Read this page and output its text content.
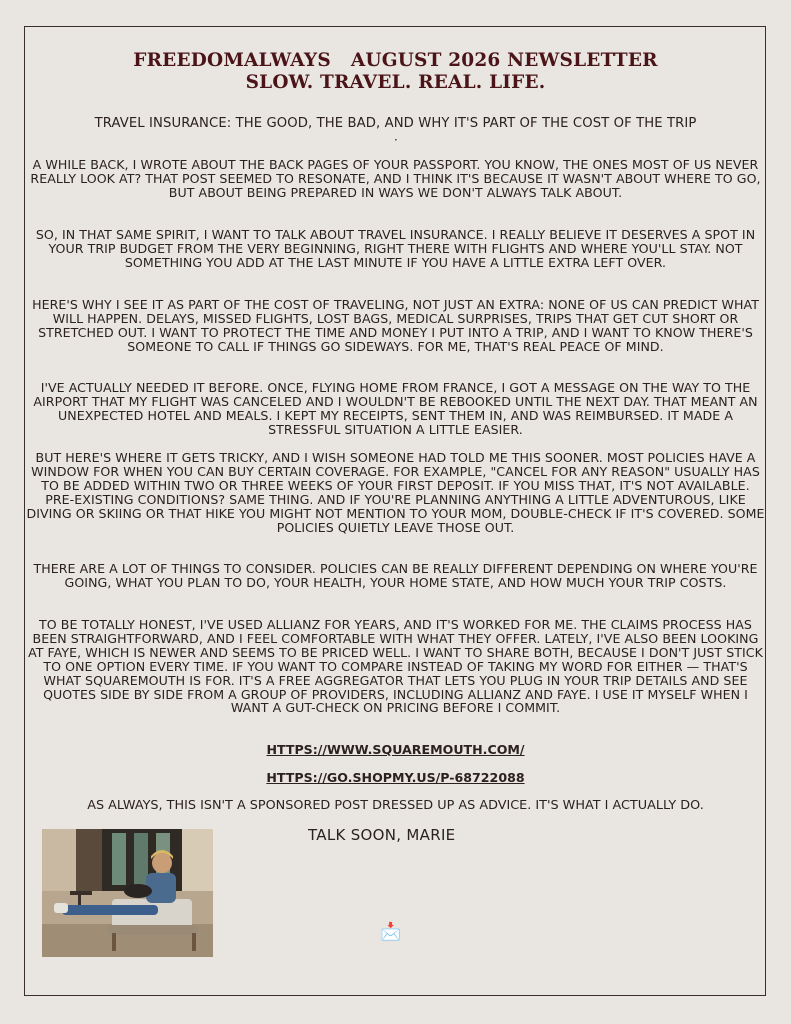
FREEDOMALWAYS   AUGUST 2026 NEWSLETTER
SLOW. TRAVEL. REAL. LIFE.
TRAVEL INSURANCE: THE GOOD, THE BAD, AND WHY IT'S PART OF THE COST OF THE TRIP
·
A WHILE BACK, I WROTE ABOUT THE BACK PAGES OF YOUR PASSPORT. YOU KNOW, THE ONES MOST OF US NEVER REALLY LOOK AT? THAT POST SEEMED TO RESONATE, AND I THINK IT'S BECAUSE IT WASN'T ABOUT WHERE TO GO, BUT ABOUT BEING PREPARED IN WAYS WE DON'T ALWAYS TALK ABOUT.
SO, IN THAT SAME SPIRIT, I WANT TO TALK ABOUT TRAVEL INSURANCE. I REALLY BELIEVE IT DESERVES A SPOT IN YOUR TRIP BUDGET FROM THE VERY BEGINNING, RIGHT THERE WITH FLIGHTS AND WHERE YOU'LL STAY. NOT SOMETHING YOU ADD AT THE LAST MINUTE IF YOU HAVE A LITTLE EXTRA LEFT OVER.
HERE'S WHY I SEE IT AS PART OF THE COST OF TRAVELING, NOT JUST AN EXTRA: NONE OF US CAN PREDICT WHAT WILL HAPPEN. DELAYS, MISSED FLIGHTS, LOST BAGS, MEDICAL SURPRISES, TRIPS THAT GET CUT SHORT OR STRETCHED OUT. I WANT TO PROTECT THE TIME AND MONEY I PUT INTO A TRIP, AND I WANT TO KNOW THERE'S SOMEONE TO CALL IF THINGS GO SIDEWAYS. FOR ME, THAT'S REAL PEACE OF MIND.
I'VE ACTUALLY NEEDED IT BEFORE. ONCE, FLYING HOME FROM FRANCE, I GOT A MESSAGE ON THE WAY TO THE AIRPORT THAT MY FLIGHT WAS CANCELED AND I WOULDN'T BE REBOOKED UNTIL THE NEXT DAY. THAT MEANT AN UNEXPECTED HOTEL AND MEALS. I KEPT MY RECEIPTS, SENT THEM IN, AND WAS REIMBURSED. IT MADE A STRESSFUL SITUATION A LITTLE EASIER.
BUT HERE'S WHERE IT GETS TRICKY, AND I WISH SOMEONE HAD TOLD ME THIS SOONER. MOST POLICIES HAVE A WINDOW FOR WHEN YOU CAN BUY CERTAIN COVERAGE. FOR EXAMPLE, "CANCEL FOR ANY REASON" USUALLY HAS TO BE ADDED WITHIN TWO OR THREE WEEKS OF YOUR FIRST DEPOSIT. IF YOU MISS THAT, IT'S NOT AVAILABLE. PRE-EXISTING CONDITIONS? SAME THING. AND IF YOU'RE PLANNING ANYTHING A LITTLE ADVENTUROUS, LIKE DIVING OR SKIING OR THAT HIKE YOU MIGHT NOT MENTION TO YOUR MOM, DOUBLE-CHECK IF IT'S COVERED. SOME POLICIES QUIETLY LEAVE THOSE OUT.
THERE ARE A LOT OF THINGS TO CONSIDER. POLICIES CAN BE REALLY DIFFERENT DEPENDING ON WHERE YOU'RE GOING, WHAT YOU PLAN TO DO, YOUR HEALTH, YOUR HOME STATE, AND HOW MUCH YOUR TRIP COSTS.
TO BE TOTALLY HONEST, I'VE USED ALLIANZ FOR YEARS, AND IT'S WORKED FOR ME. THE CLAIMS PROCESS HAS BEEN STRAIGHTFORWARD, AND I FEEL COMFORTABLE WITH WHAT THEY OFFER. LATELY, I'VE ALSO BEEN LOOKING AT FAYE, WHICH IS NEWER AND SEEMS TO BE PRICED WELL. I WANT TO SHARE BOTH, BECAUSE I DON'T JUST STICK TO ONE OPTION EVERY TIME. IF YOU WANT TO COMPARE INSTEAD OF TAKING MY WORD FOR EITHER — THAT'S WHAT SQUAREMOUTH IS FOR. IT'S A FREE AGGREGATOR THAT LETS YOU PLUG IN YOUR TRIP DETAILS AND SEE QUOTES SIDE BY SIDE FROM A GROUP OF PROVIDERS, INCLUDING ALLIANZ AND FAYE. I USE IT MYSELF WHEN I WANT A GUT-CHECK ON PRICING BEFORE I COMMIT.
HTTPS://WWW.SQUAREMOUTH.COM/
HTTPS://GO.SHOPMY.US/P-68722088
AS ALWAYS, THIS ISN'T A SPONSORED POST DRESSED UP AS ADVICE. IT'S WHAT I ACTUALLY DO.
TALK SOON, MARIE
📩
